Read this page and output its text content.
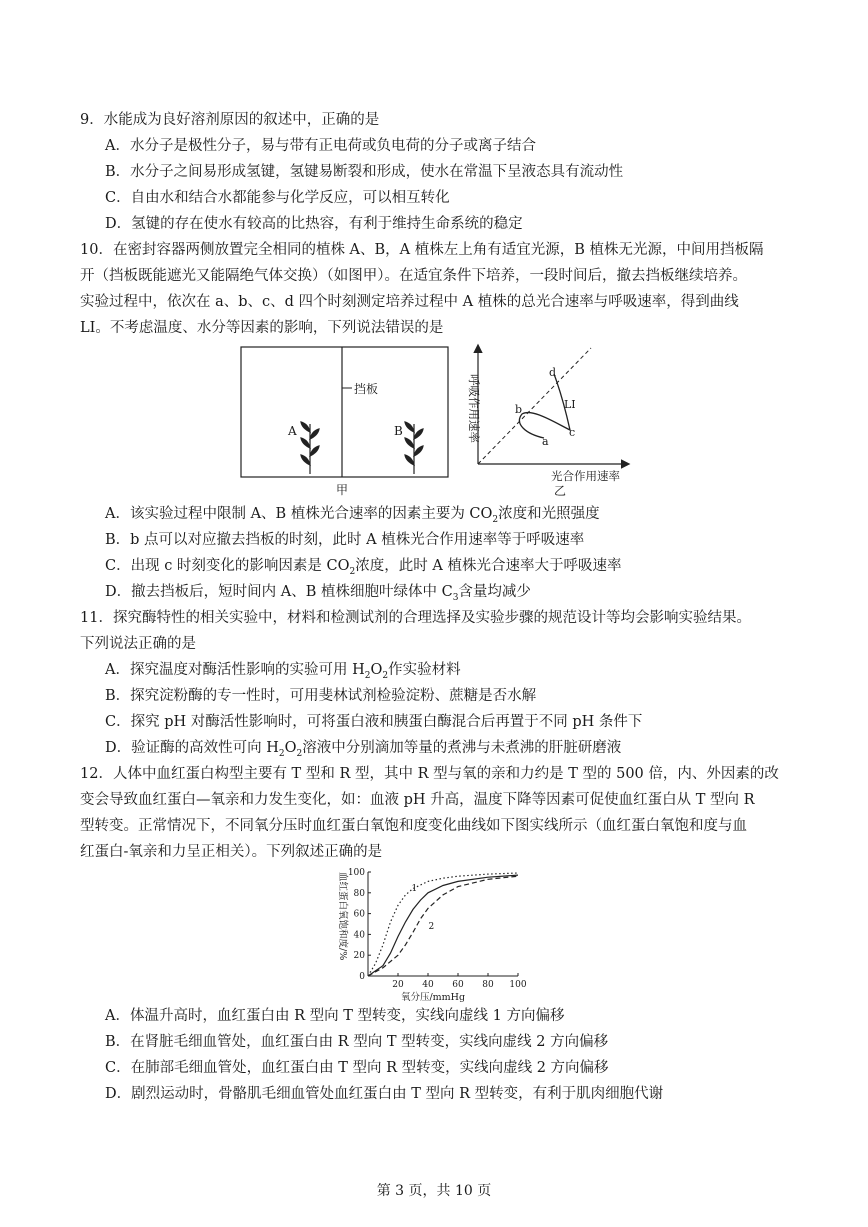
9．水能成为良好溶剂原因的叙述中，正确的是
A．水分子是极性分子，易与带有正电荷或负电荷的分子或离子结合
B．水分子之间易形成氢键，氢键易断裂和形成，使水在常温下呈液态具有流动性
C．自由水和结合水都能参与化学反应，可以相互转化
D．氢键的存在使水有较高的比热容，有利于维持生命系统的稳定
10．在密封容器两侧放置完全相同的植株 A、B，A 植株左上角有适宜光源，B 植株无光源，中间用挡板隔
开（挡板既能遮光又能隔绝气体交换）（如图甲）。在适宜条件下培养，一段时间后，撤去挡板继续培养。
实验过程中，依次在 a、b、c、d 四个时刻测定培养过程中 A 植株的总光合速率与呼吸速率，得到曲线
LI。不考虑温度、水分等因素的影响，下列说法错误的是
挡板
A	B
甲
a
b
c
d
LI
呼吸作用速率
光合作用速率
乙
A．该实验过程中限制 A、B 植株光合速率的因素主要为 $CO_2$浓度和光照强度
B．b 点可以对应撤去挡板的时刻，此时 A 植株光合作用速率等于呼吸速率
C．出现 c 时刻变化的影响因素是 $CO_2$浓度，此时 A 植株光合速率大于呼吸速率
D．撤去挡板后，短时间内 A、B 植株细胞叶绿体中 $C_3$含量均减少
11．探究酶特性的相关实验中，材料和检测试剂的合理选择及实验步骤的规范设计等均会影响实验结果。
下列说法正确的是
A．探究温度对酶活性影响的实验可用 $H_2O_2$作实验材料
B．探究淀粉酶的专一性时，可用斐林试剂检验淀粉、蔗糖是否水解
C．探究 pH 对酶活性影响时，可将蛋白液和胰蛋白酶混合后再置于不同 pH 条件下
D．验证酶的高效性可向 $H_2O_2$溶液中分别滴加等量的煮沸与未煮沸的肝脏研磨液
12．人体中血红蛋白构型主要有 T 型和 R 型，其中 R 型与氧的亲和力约是 T 型的 500 倍，内、外因素的改
变会导致血红蛋白—氧亲和力发生变化，如：血液 pH 升高，温度下降等因素可促使血红蛋白从 T 型向 R
型转变。正常情况下，不同氧分压时血红蛋白氧饱和度变化曲线如下图实线所示（血红蛋白氧饱和度与血
红蛋白-氧亲和力呈正相关）。下列叙述正确的是
20 40 60 80 100
0
20
40
60
80
100
1
2
氧分压/mmHg
血红蛋白氧饱和度/%
A．体温升高时，血红蛋白由 R 型向 T 型转变，实线向虚线 1 方向偏移
B．在肾脏毛细血管处，血红蛋白由 R 型向 T 型转变，实线向虚线 2 方向偏移
C．在肺部毛细血管处，血红蛋白由 T 型向 R 型转变，实线向虚线 2 方向偏移
D．剧烈运动时，骨骼肌毛细血管处血红蛋白由 T 型向 R 型转变，有利于肌肉细胞代谢
第 3 页，共 10 页
